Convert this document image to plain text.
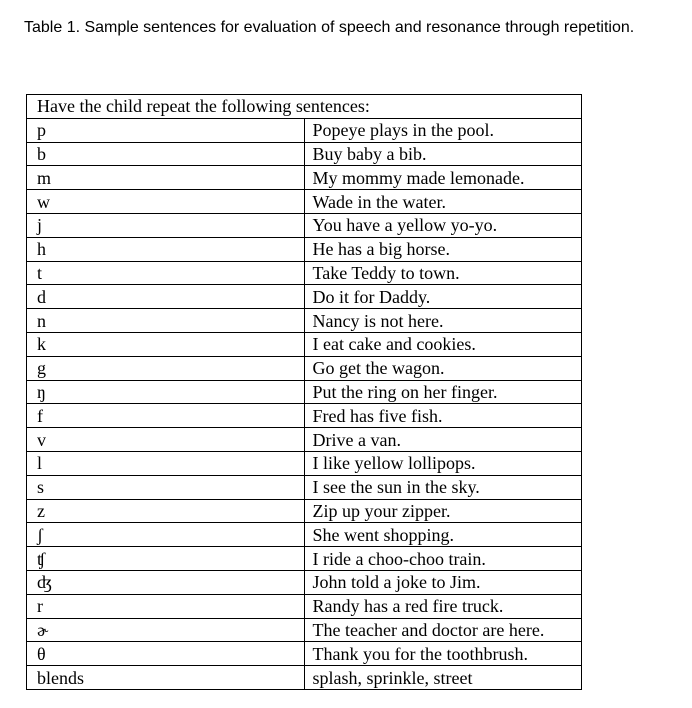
Table 1. Sample sentences for evaluation of speech and resonance through repetition.
Have the child repeat the following sentences:	
p	Popeye plays in the pool.
b	Buy baby a bib.
m	My mommy made lemonade.
w	Wade in the water.
j	You have a yellow yo-yo.
h	He has a big horse.
t	Take Teddy to town.
d	Do it for Daddy.
n	Nancy is not here.
k	I eat cake and cookies.
g	Go get the wagon.
ŋ	Put the ring on her finger.
f	Fred has five fish.
v	Drive a van.
l	I like yellow lollipops.
s	I see the sun in the sky.
z	Zip up your zipper.
ʃ	She went shopping.
ʧ	I ride a choo-choo train.
ʤ	John told a joke to Jim.
r	Randy has a red fire truck.
ɚ	The teacher and doctor are here.
θ	Thank you for the toothbrush.
blends	splash, sprinkle, street
